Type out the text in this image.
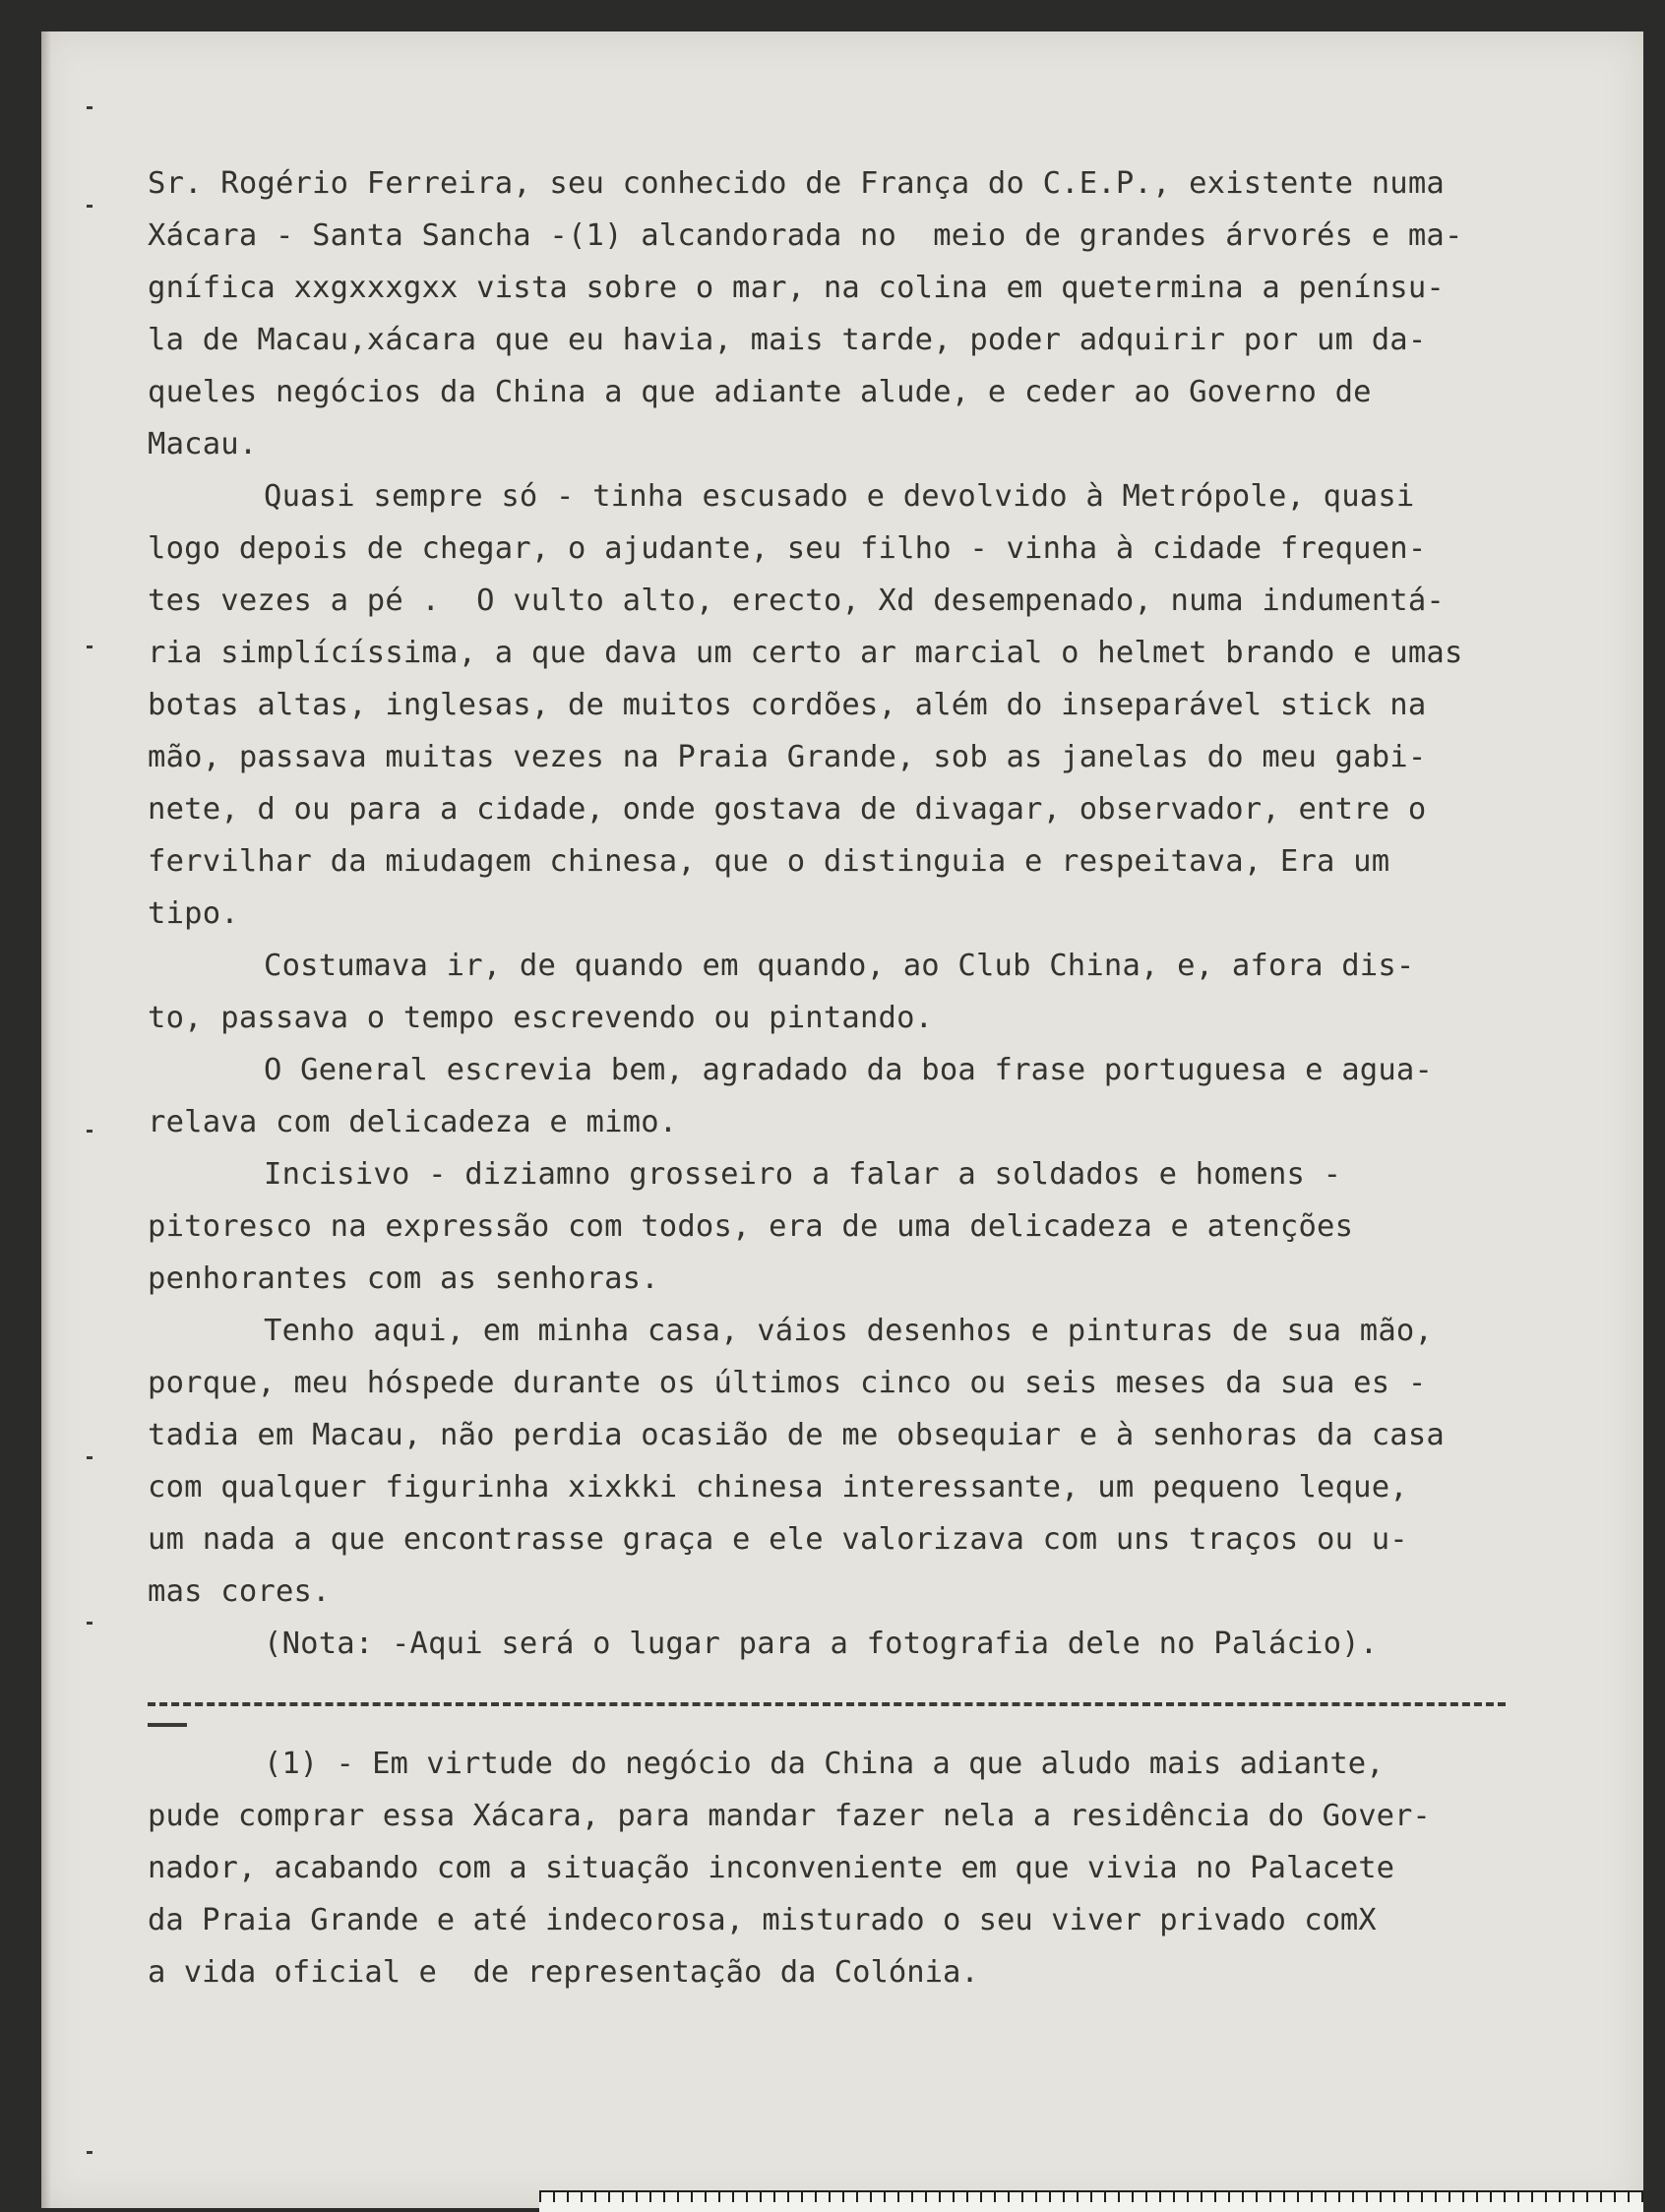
Sr. Rogério Ferreira, seu conhecido de França do C.E.P., existente numa
Xácara - Santa Sancha -(1) alcandorada no  meio de grandes árvorés e ma-
gnífica xxgxxxgxx vista sobre o mar, na colina em quetermina a penínsu-
la de Macau,xácara que eu havia, mais tarde, poder adquirir por um da-
queles negócios da China a que adiante alude, e ceder ao Governo de
Macau.
Quasi sempre só - tinha escusado e devolvido à Metrópole, quasi
logo depois de chegar, o ajudante, seu filho - vinha à cidade frequen-
tes vezes a pé .  O vulto alto, erecto, Xd desempenado, numa indumentá-
ria simplícíssima, a que dava um certo ar marcial o helmet brando e umas
botas altas, inglesas, de muitos cordões, além do inseparável stick na
mão, passava muitas vezes na Praia Grande, sob as janelas do meu gabi-
nete, d ou para a cidade, onde gostava de divagar, observador, entre o
fervilhar da miudagem chinesa, que o distinguia e respeitava, Era um
tipo.
Costumava ir, de quando em quando, ao Club China, e, afora dis-
to, passava o tempo escrevendo ou pintando.
O General escrevia bem, agradado da boa frase portuguesa e agua-
relava com delicadeza e mimo.
Incisivo - diziamno grosseiro a falar a soldados e homens -
pitoresco na expressão com todos, era de uma delicadeza e atenções
penhorantes com as senhoras.
Tenho aqui, em minha casa, váios desenhos e pinturas de sua mão,
porque, meu hóspede durante os últimos cinco ou seis meses da sua es -
tadia em Macau, não perdia ocasião de me obsequiar e à senhoras da casa
com qualquer figurinha xixkki chinesa interessante, um pequeno leque,
um nada a que encontrasse graça e ele valorizava com uns traços ou u-
mas cores.
(Nota: -Aqui será o lugar para a fotografia dele no Palácio).
(1) - Em virtude do negócio da China a que aludo mais adiante,
pude comprar essa Xácara, para mandar fazer nela a residência do Gover-
nador, acabando com a situação inconveniente em que vivia no Palacete
da Praia Grande e até indecorosa, misturado o seu viver privado comX
a vida oficial e  de representação da Colónia.
